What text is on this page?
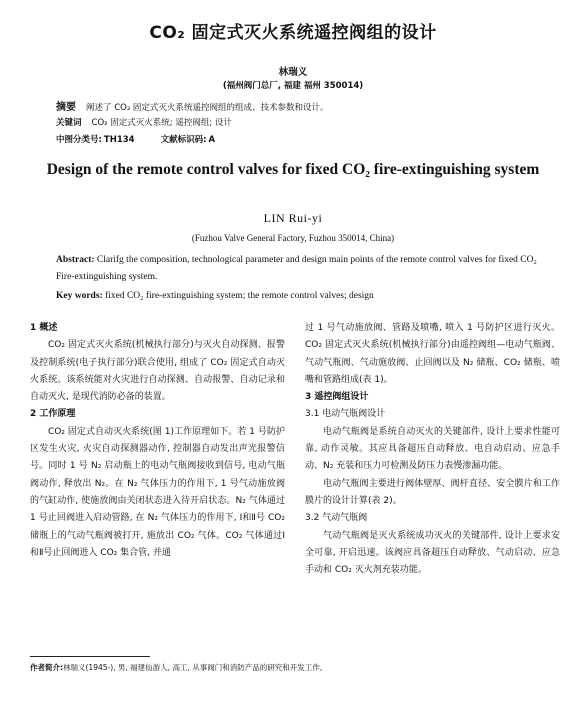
CO₂ 固定式灭火系统遥控阀组的设计
林瑞义
(福州阀门总厂, 福建 福州 350014)
摘要 阐述了 CO₂ 固定式灭火系统遥控阀组的组成、技术参数和设计。
关键词 CO₂ 固定式灭火系统; 遥控阀组; 设计
中图分类号: TH134	文献标识码: A
Design of the remote control valves for fixed CO₂ fire-extinguishing system
LIN Rui-yi
(Fuzhou Valve General Factory, Fuzhou 350014, China)
Abstract: Clarifg the composition, technological parameter and design main points of the remote control valves for fixed CO₂ Fire-extinguishing system.
Key words: fixed CO₂ fire-extinguishing system; the remote control valves; design
1 概述
CO₂ 固定式灭火系统(机械执行部分)与灭火自动探测、报警及控制系统(电子执行部分)联合使用, 组成了 CO₂ 固定式自动灭火系统。该系统能对火灾进行自动探测、自动报警、自动记录和自动灭火, 是现代消防必备的装置。
2 工作原理
CO₂ 固定式自动灭火系统(图 1)工作原理如下。若 1 号防护区发生火灾, 火灾自动探测器动作, 控制器自动发出声光报警信号。同时 1 号 N₂ 启动瓶上的电动气瓶阀接收到信号, 电动气瓶阀动作, 释放出 N₂。在 N₂ 气体压力的作用下, 1 号气动施放阀的气缸动作, 使施放阀由关闭状态进入待开启状态。N₂ 气体通过 1 号止回阀进入启动管路, 在 N₂ 气体压力的作用下, Ⅰ和Ⅱ号 CO₂ 储瓶上的气动气瓶阀被打开, 施放出 CO₂ 气体。CO₂ 气体通过Ⅰ和Ⅱ号止回阀进入 CO₂ 集合管, 并通
过 1 号气动施放阀、管路及喷嘴, 喷入 1 号防护区进行灭火。CO₂ 固定式灭火系统(机械执行部分)由遥控阀组—电动气瓶阀、气动气瓶阀、气动施放阀、止回阀以及 N₂ 储瓶、CO₂ 储瓶、喷嘴和管路组成(表 1)。
3 遥控阀组设计
3.1 电动气瓶阀设计
电动气瓶阀是系统自动灭火的关键部件, 设计上要求性能可靠, 动作灵敏。其应具备超压自动释放、电自动启动、应急手动、N₂ 充装和压力可检测及防压力表慢渗漏功能。
电动气瓶阀主要进行阀体壁厚、阀杆直径、安全膜片和工作膜片的设计计算(表 2)。
3.2 气动气瓶阀
气动气瓶阀是灭火系统成功灭火的关键部件, 设计上要求安全可靠, 开启迅速。该阀应具备超压自动释放、气动启动、应急手动和 CO₂ 灭火剂充装功能。
作者简介:林瑞义(1945-), 男, 福建仙游人, 高工, 从事阀门和消防产品的研究和开发工作。
